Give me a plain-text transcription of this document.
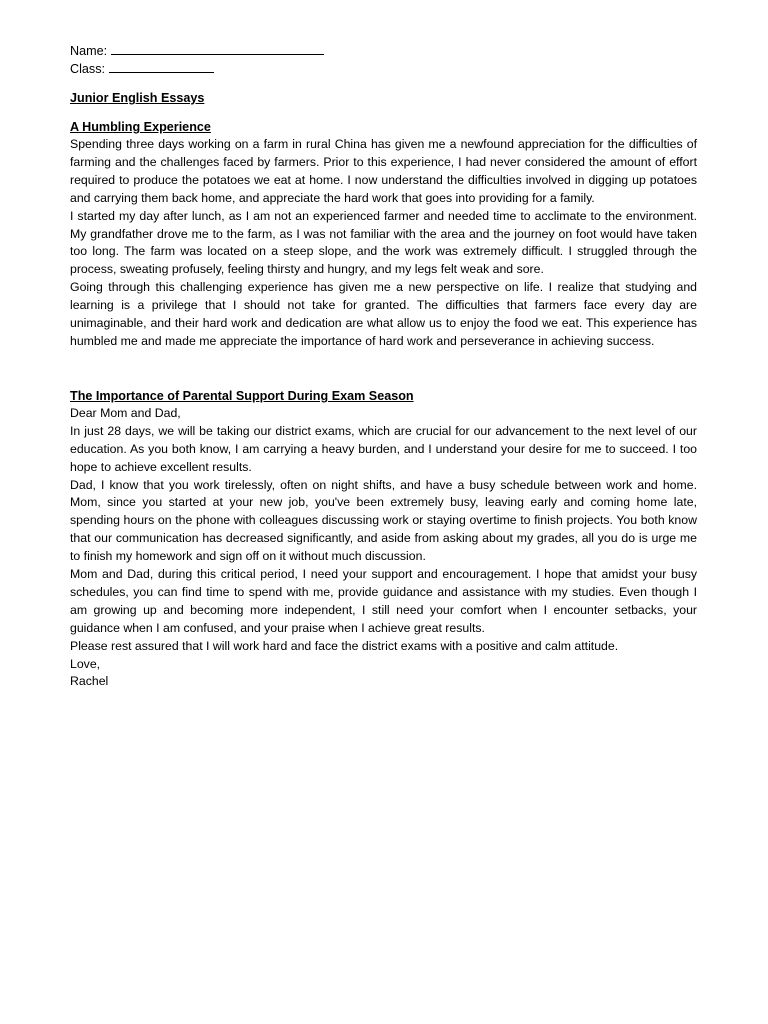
Name:
Class:
Junior English Essays
A Humbling Experience

Spending three days working on a farm in rural China has given me a newfound appreciation for the difficulties of farming and the challenges faced by farmers. Prior to this experience, I had never considered the amount of effort required to produce the potatoes we eat at home. I now understand the difficulties involved in digging up potatoes and carrying them back home, and appreciate the hard work that goes into providing for a family.

I started my day after lunch, as I am not an experienced farmer and needed time to acclimate to the environment. My grandfather drove me to the farm, as I was not familiar with the area and the journey on foot would have taken too long. The farm was located on a steep slope, and the work was extremely difficult. I struggled through the process, sweating profusely, feeling thirsty and hungry, and my legs felt weak and sore.

Going through this challenging experience has given me a new perspective on life. I realize that studying and learning is a privilege that I should not take for granted. The difficulties that farmers face every day are unimaginable, and their hard work and dedication are what allow us to enjoy the food we eat. This experience has humbled me and made me appreciate the importance of hard work and perseverance in achieving success.

The Importance of Parental Support During Exam Season

Dear Mom and Dad,

In just 28 days, we will be taking our district exams, which are crucial for our advancement to the next level of our education. As you both know, I am carrying a heavy burden, and I understand your desire for me to succeed. I too hope to achieve excellent results.

Dad, I know that you work tirelessly, often on night shifts, and have a busy schedule between work and home. Mom, since you started at your new job, you've been extremely busy, leaving early and coming home late, spending hours on the phone with colleagues discussing work or staying overtime to finish projects. You both know that our communication has decreased significantly, and aside from asking about my grades, all you do is urge me to finish my homework and sign off on it without much discussion.

Mom and Dad, during this critical period, I need your support and encouragement. I hope that amidst your busy schedules, you can find time to spend with me, provide guidance and assistance with my studies. Even though I am growing up and becoming more independent, I still need your comfort when I encounter setbacks, your guidance when I am confused, and your praise when I achieve great results.

Please rest assured that I will work hard and face the district exams with a positive and calm attitude.

Love,

Rachel
